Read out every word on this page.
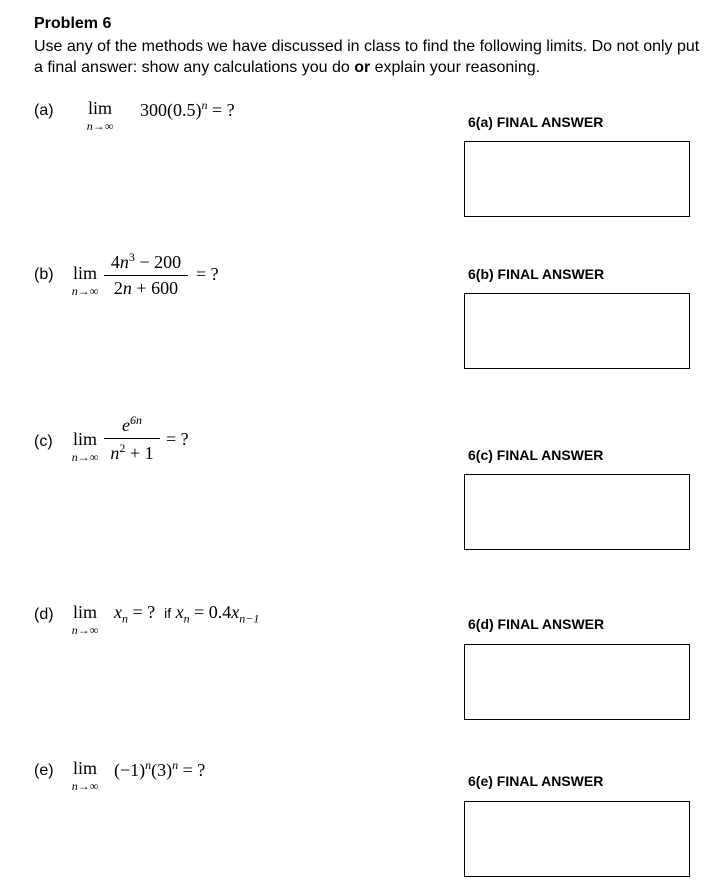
Problem 6
Use any of the methods we have discussed in class to find the following limits. Do not only put a final answer: show any calculations you do or explain your reasoning.
(a)	lim
n→∞
$300(0.5)^n$ = ?
6(a) FINAL ANSWER
(b)	lim
n→∞
$4n^3 - 200$
2n + 600
= ?	6(b) FINAL ANSWER
(c)	lim
n→∞
$e^{6n}$
$n^2 + 1$
= ?
6(c) FINAL ANSWER
(d)	lim
n→∞
$x_n$ = ? if $x_n = 0.4x_{n-1}$	6(d) FINAL ANSWER
(e)	lim
n→∞
$(-1)^n(3)^n$ = ?
6(e) FINAL ANSWER
